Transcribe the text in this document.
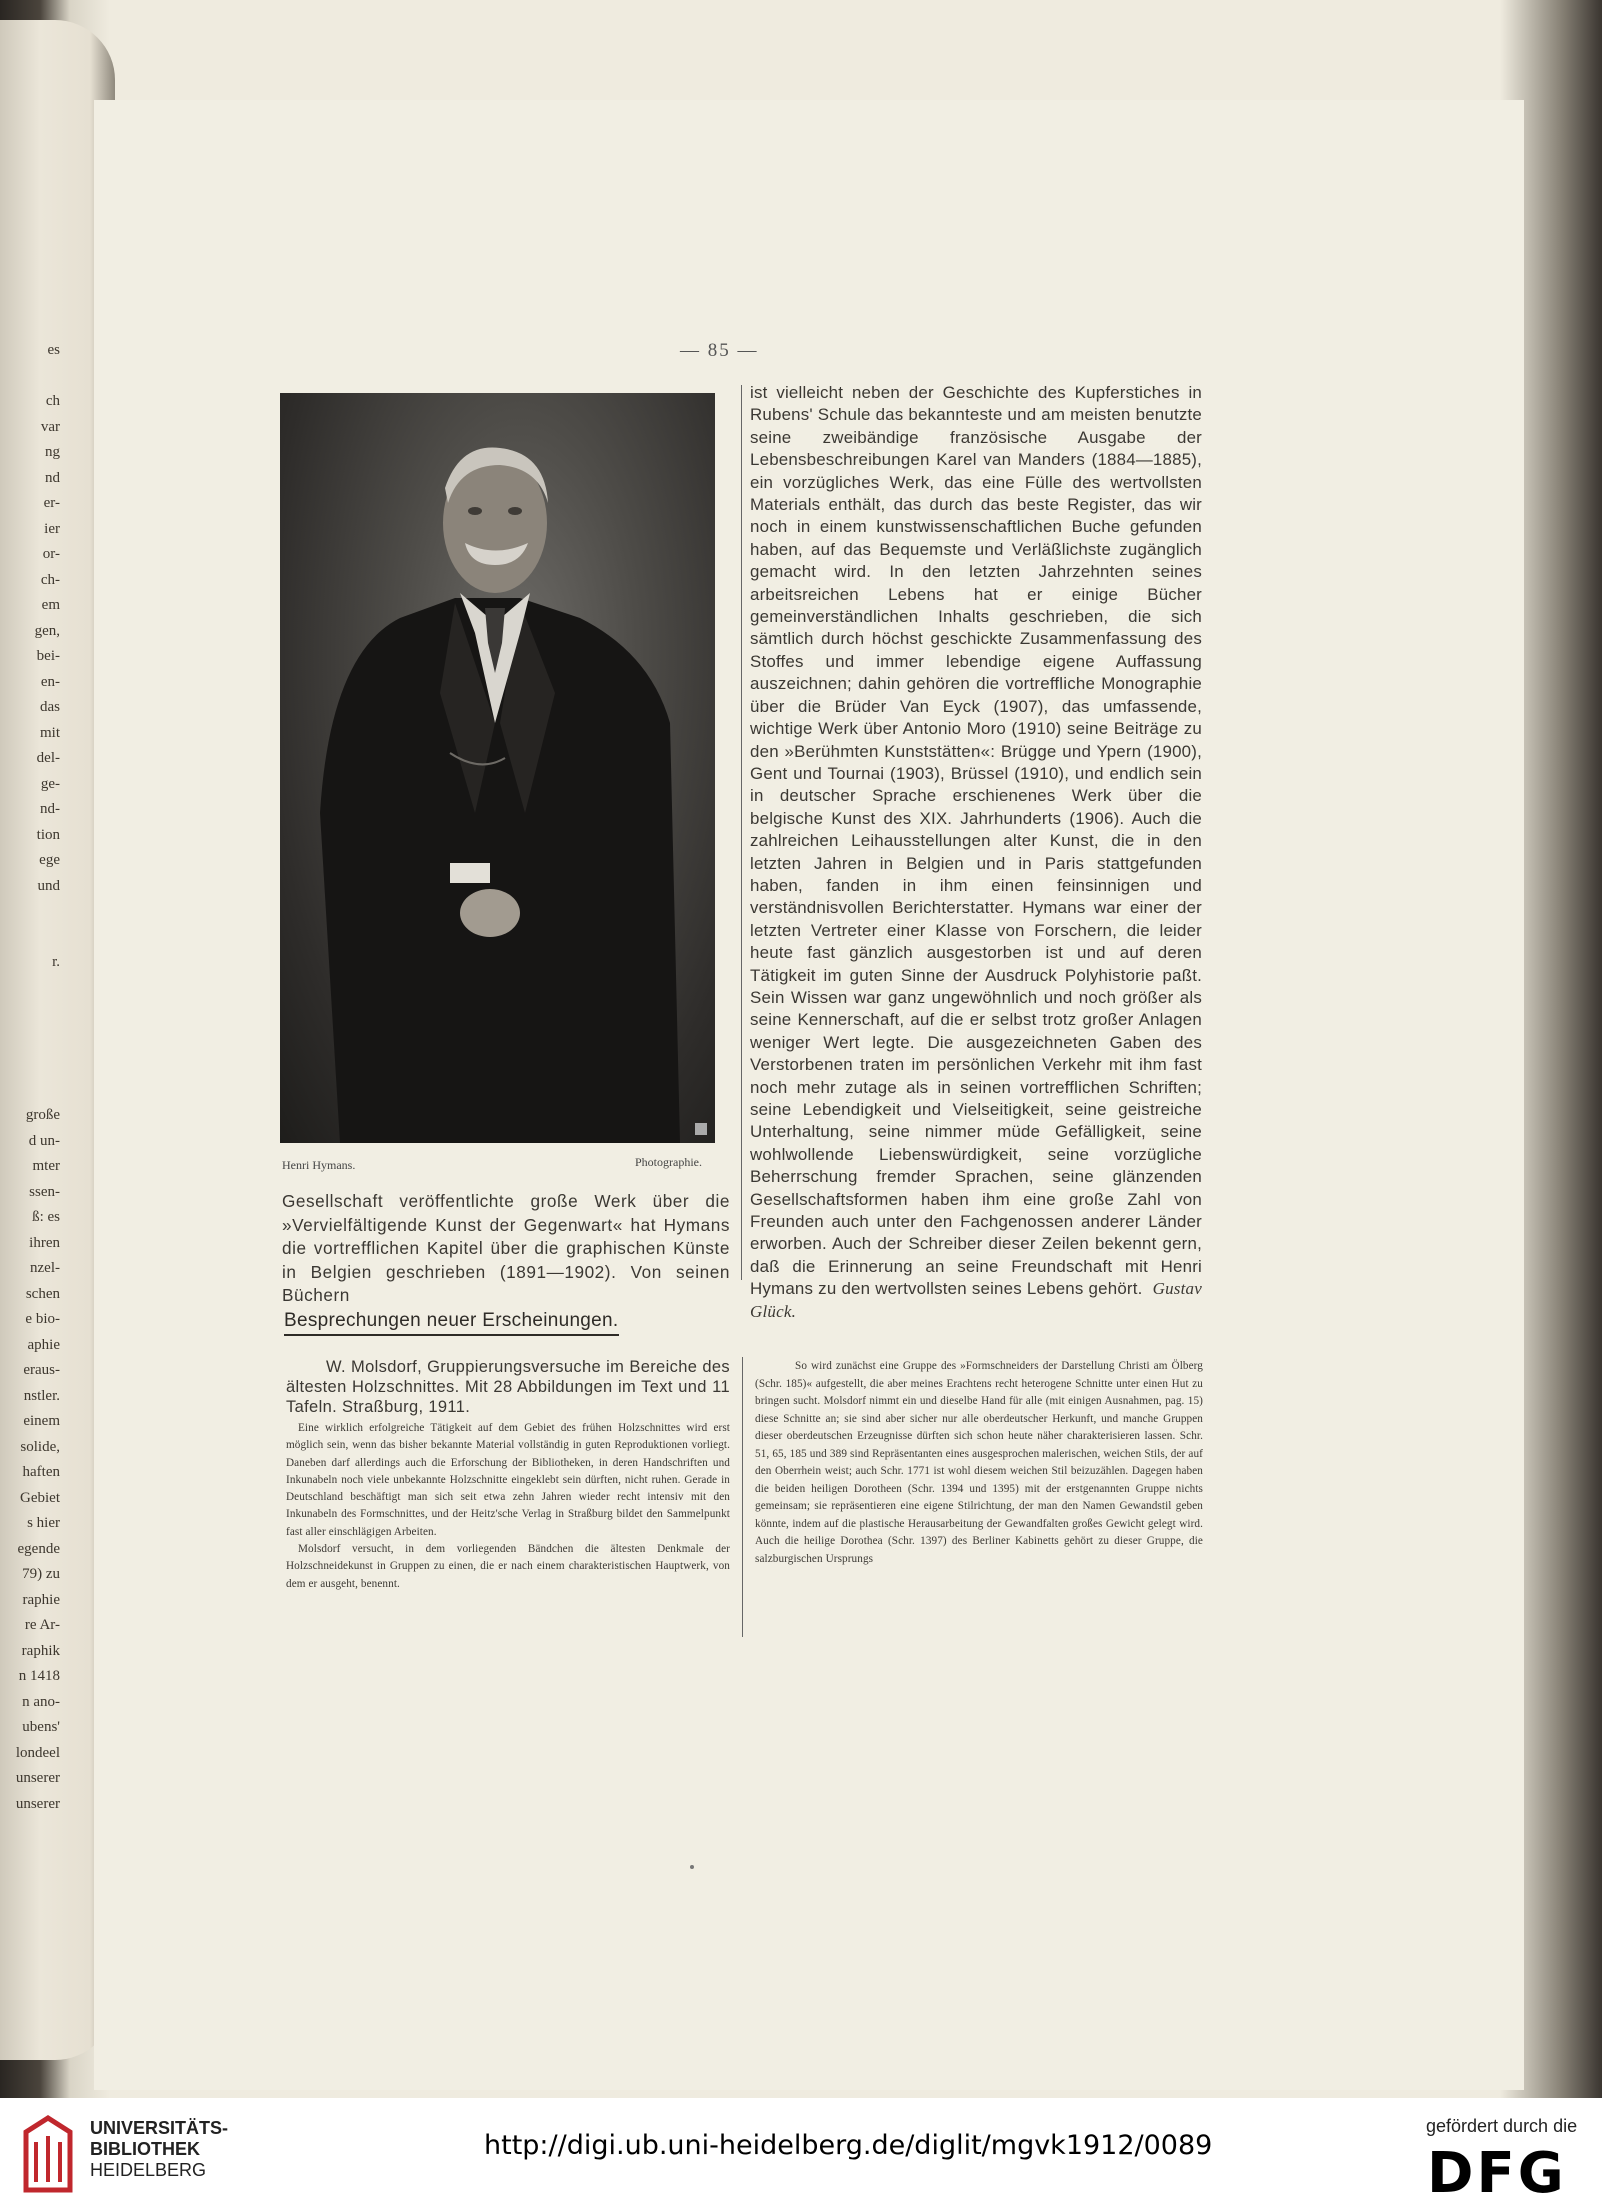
es
ch
var
ng
nd
er-
ier
or-
ch-
em
gen,
bei-
en-
das
mit
del-
ge-
nd-
tion
ege
und
r.
große
d un-
mter
ssen-
ß: es
ihren
nzel-
schen
e bio-
aphie
eraus-
nstler.
einem
solide,
haften
Gebiet
s hier
egende
79) zu
raphie
re Ar-
raphik
n 1418
n ano-
ubens'
londeel
unserer
unserer
— 85 —
Henri Hymans.	Photographie.
Gesellschaft veröffentlichte große Werk über die »Vervielfältigende Kunst der Gegenwart« hat Hymans die vortrefflichen Kapitel über die graphischen Künste in Belgien geschrieben (1891—1902). Von seinen Büchern
ist vielleicht neben der Geschichte des Kupferstiches in Rubens' Schule das bekannteste und am meisten benutzte seine zweibändige französische Ausgabe der Lebensbeschreibungen Karel van Manders (1884—1885), ein vorzügliches Werk, das eine Fülle des wertvollsten Materials enthält, das durch das beste Register, das wir noch in einem kunstwissenschaftlichen Buche gefunden haben, auf das Bequemste und Verläßlichste zugänglich gemacht wird. In den letzten Jahrzehnten seines arbeitsreichen Lebens hat er einige Bücher gemeinverständlichen Inhalts geschrieben, die sich sämtlich durch höchst geschickte Zusammenfassung des Stoffes und immer lebendige eigene Auffassung auszeichnen; dahin gehören die vortreffliche Monographie über die Brüder Van Eyck (1907), das umfassende, wichtige Werk über Antonio Moro (1910) seine Beiträge zu den »Berühmten Kunststätten«: Brügge und Ypern (1900), Gent und Tournai (1903), Brüssel (1910), und endlich sein in deutscher Sprache erschienenes Werk über die belgische Kunst des XIX. Jahrhunderts (1906). Auch die zahlreichen Leihausstellungen alter Kunst, die in den letzten Jahren in Belgien und in Paris stattgefunden haben, fanden in ihm einen feinsinnigen und verständnisvollen Berichterstatter. Hymans war einer der letzten Vertreter einer Klasse von Forschern, die leider heute fast gänzlich ausgestorben ist und auf deren Tätigkeit im guten Sinne der Ausdruck Polyhistorie paßt. Sein Wissen war ganz ungewöhnlich und noch größer als seine Kennerschaft, auf die er selbst trotz großer Anlagen weniger Wert legte. Die ausgezeichneten Gaben des Verstorbenen traten im persönlichen Verkehr mit ihm fast noch mehr zutage als in seinen vortrefflichen Schriften; seine Lebendigkeit und Vielseitigkeit, seine geistreiche Unterhaltung, seine nimmer müde Gefälligkeit, seine wohlwollende Liebenswürdigkeit, seine vorzügliche Beherrschung fremder Sprachen, seine glänzenden Gesellschaftsformen haben ihm eine große Zahl von Freunden auch unter den Fachgenossen anderer Länder erworben. Auch der Schreiber dieser Zeilen bekennt gern, daß die Erinnerung an seine Freundschaft mit Henri Hymans zu den wertvollsten seines Lebens gehört. Gustav Glück.
Besprechungen neuer Erscheinungen.
W. Molsdorf, Gruppierungsversuche im Bereiche des ältesten Holzschnittes. Mit 28 Abbildungen im Text und 11 Tafeln. Straßburg, 1911.

Eine wirklich erfolgreiche Tätigkeit auf dem Gebiet des frühen Holzschnittes wird erst möglich sein, wenn das bisher bekannte Material vollständig in guten Reproduktionen vorliegt. Daneben darf allerdings auch die Erforschung der Bibliotheken, in deren Handschriften und Inkunabeln noch viele unbekannte Holzschnitte eingeklebt sein dürften, nicht ruhen. Gerade in Deutschland beschäftigt man sich seit etwa zehn Jahren wieder recht intensiv mit den Inkunabeln des Formschnittes, und der Heitz'sche Verlag in Straßburg bildet den Sammelpunkt fast aller einschlägigen Arbeiten.

Molsdorf versucht, in dem vorliegenden Bändchen die ältesten Denkmale der Holzschneidekunst in Gruppen zu einen, die er nach einem charakteristischen Hauptwerk, von dem er ausgeht, benennt.

So wird zunächst eine Gruppe des »Formschneiders der Darstellung Christi am Ölberg (Schr. 185)« aufgestellt, die aber meines Erachtens recht heterogene Schnitte unter einen Hut zu bringen sucht. Molsdorf nimmt ein und dieselbe Hand für alle (mit einigen Ausnahmen, pag. 15) diese Schnitte an; sie sind aber sicher nur alle oberdeutscher Herkunft, und manche Gruppen dieser oberdeutschen Erzeugnisse dürften sich schon heute näher charakterisieren lassen. Schr. 51, 65, 185 und 389 sind Repräsentanten eines ausgesprochen malerischen, weichen Stils, der auf den Oberrhein weist; auch Schr. 1771 ist wohl diesem weichen Stil beizuzählen. Dagegen haben die beiden heiligen Dorotheen (Schr. 1394 und 1395) mit der erstgenannten Gruppe nichts gemeinsam; sie repräsentieren eine eigene Stilrichtung, der man den Namen Gewandstil geben könnte, indem auf die plastische Herausarbeitung der Gewandfalten großes Gewicht gelegt wird. Auch die heilige Dorothea (Schr. 1397) des Berliner Kabinetts gehört zu dieser Gruppe, die salzburgischen Ursprungs
UNIVERSITÄTS-
BIBLIOTHEK
HEIDELBERG
http://digi.ub.uni-heidelberg.de/diglit/mgvk1912/0089
gefördert durch die
DFG
